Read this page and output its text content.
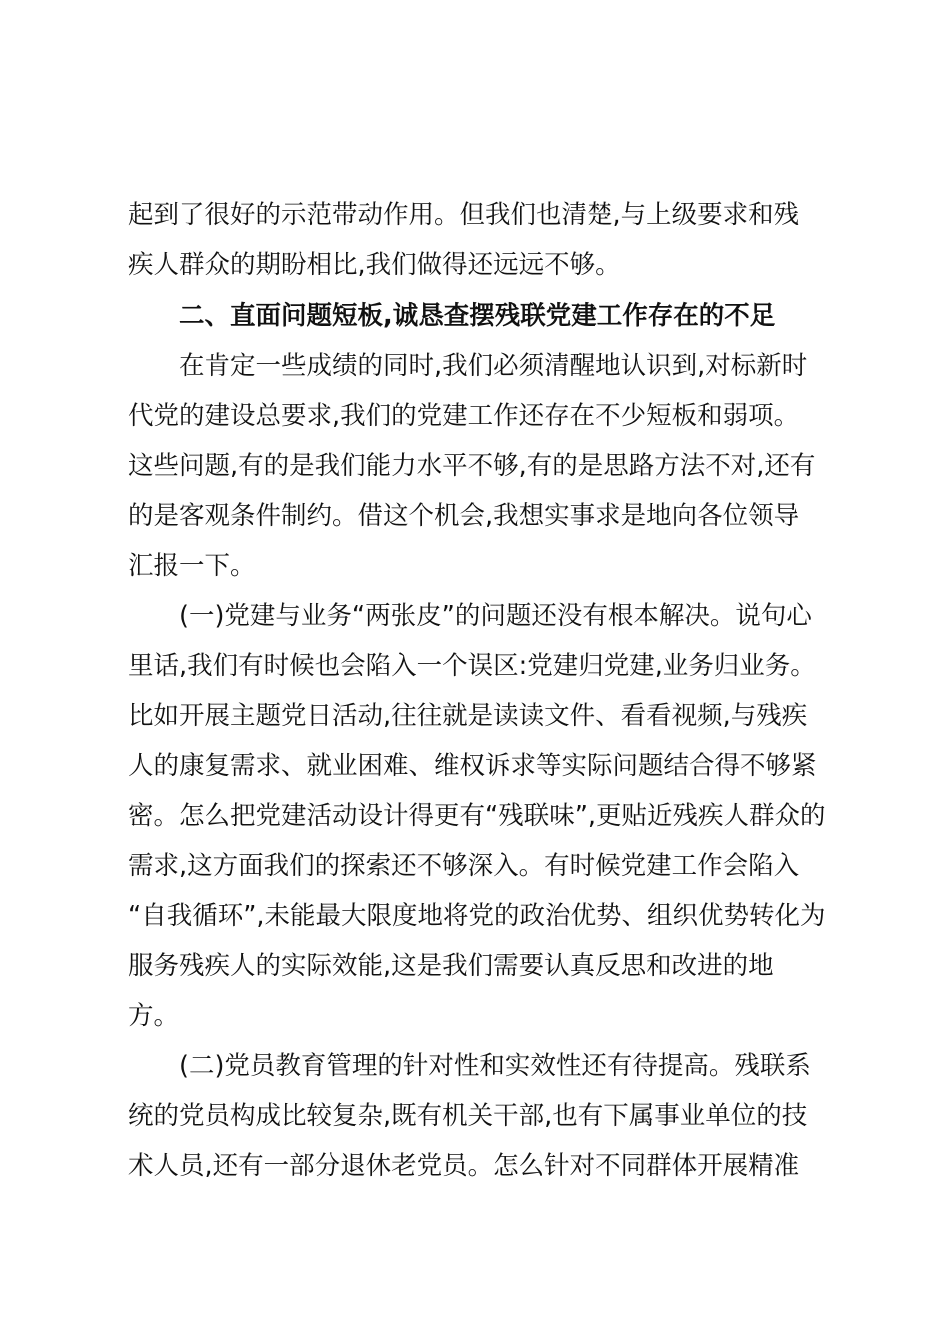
起到了很好的示范带动作用。但我们也清楚,与上级要求和残
疾人群众的期盼相比,我们做得还远远不够。

二、直面问题短板,诚恳查摆残联党建工作存在的不足

在肯定一些成绩的同时,我们必须清醒地认识到,对标新时
代党的建设总要求,我们的党建工作还存在不少短板和弱项。
这些问题,有的是我们能力水平不够,有的是思路方法不对,还有
的是客观条件制约。借这个机会,我想实事求是地向各位领导
汇报一下。

(一)党建与业务“两张皮”的问题还没有根本解决。说句心
里话,我们有时候也会陷入一个误区:党建归党建,业务归业务。
比如开展主题党日活动,往往就是读读文件、看看视频,与残疾
人的康复需求、就业困难、维权诉求等实际问题结合得不够紧
密。怎么把党建活动设计得更有“残联味”,更贴近残疾人群众的
需求,这方面我们的探索还不够深入。有时候党建工作会陷入
“自我循环”,未能最大限度地将党的政治优势、组织优势转化为
服务残疾人的实际效能,这是我们需要认真反思和改进的地
方。

(二)党员教育管理的针对性和实效性还有待提高。残联系
统的党员构成比较复杂,既有机关干部,也有下属事业单位的技
术人员,还有一部分退休老党员。怎么针对不同群体开展精准
